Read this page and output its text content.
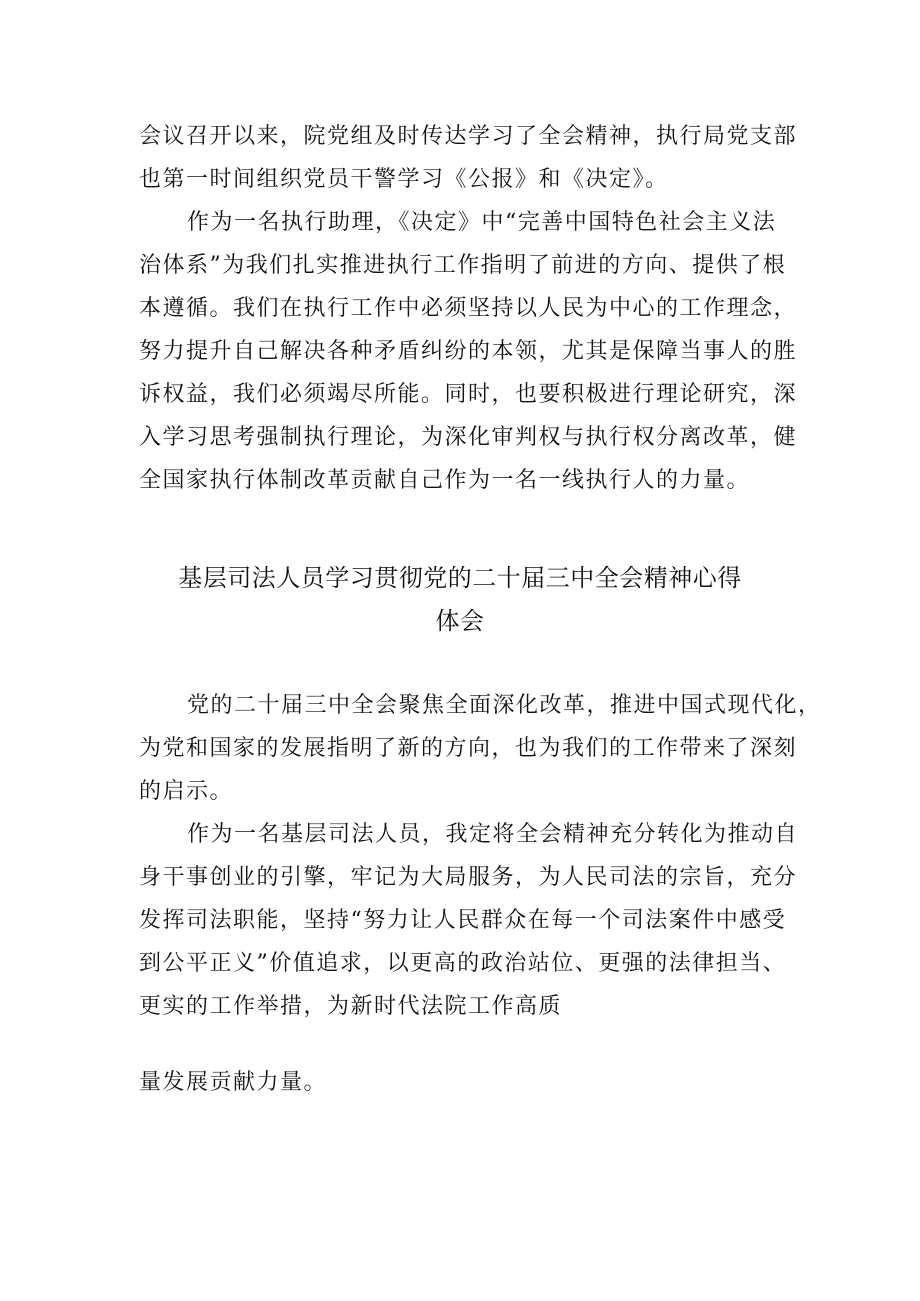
会议召开以来，院党组及时传达学习了全会精神，执行局党支部
也第一时间组织党员干警学习《公报》和《决定》。
作为一名执行助理，《决定》中“完善中国特色社会主义法
治体系”为我们扎实推进执行工作指明了前进的方向、提供了根
本遵循。我们在执行工作中必须坚持以人民为中心的工作理念，
努力提升自己解决各种矛盾纠纷的本领，尤其是保障当事人的胜
诉权益，我们必须竭尽所能。同时，也要积极进行理论研究，深
入学习思考强制执行理论，为深化审判权与执行权分离改革，健
全国家执行体制改革贡献自己作为一名一线执行人的力量。
基层司法人员学习贯彻党的二十届三中全会精神心得
体会
党的二十届三中全会聚焦全面深化改革，推进中国式现代化，
为党和国家的发展指明了新的方向，也为我们的工作带来了深刻
的启示。
作为一名基层司法人员，我定将全会精神充分转化为推动自
身干事创业的引擎，牢记为大局服务，为人民司法的宗旨，充分
发挥司法职能，坚持“努力让人民群众在每一个司法案件中感受
到公平正义”价值追求，以更高的政治站位、更强的法律担当、
更实的工作举措，为新时代法院工作高质
量发展贡献力量。
